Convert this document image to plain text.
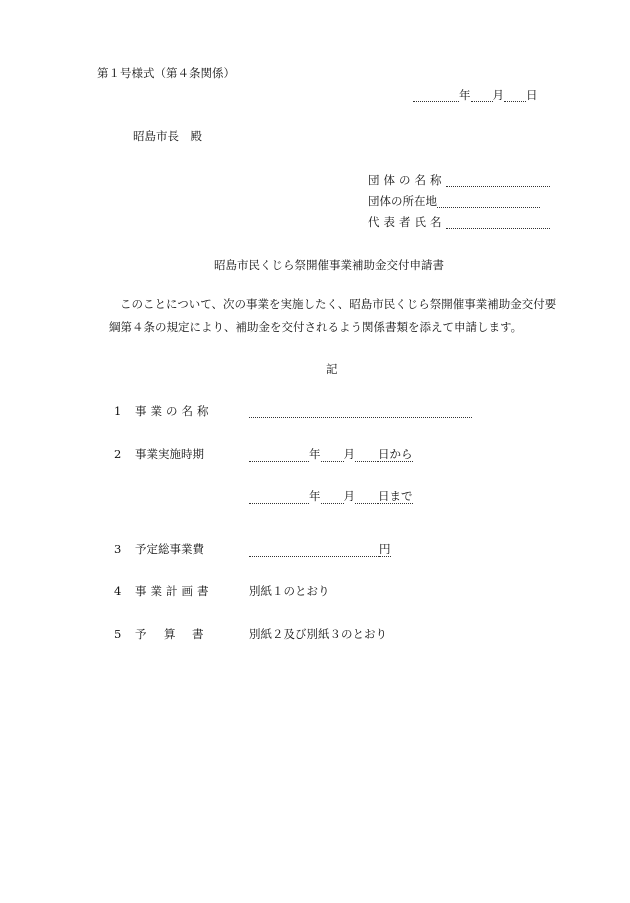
第１号様式（第４条関係）
年 月 日
昭島市長　殿
団体の名称
団体の所在地
代表者氏名
昭島市民くじら祭開催事業補助金交付申請書
このことについて、次の事業を実施したく、昭島市民くじら祭開催事業補助金交付要
綱第４条の規定により、補助金を交付されるよう関係書類を添えて申請します。
記
1 事業の名称
2 事業実施時期	年 月 日から
年 月 日まで
3 予定総事業費	円
4 事業計画書	別紙１のとおり
5 予 算 書	別紙２及び別紙３のとおり
